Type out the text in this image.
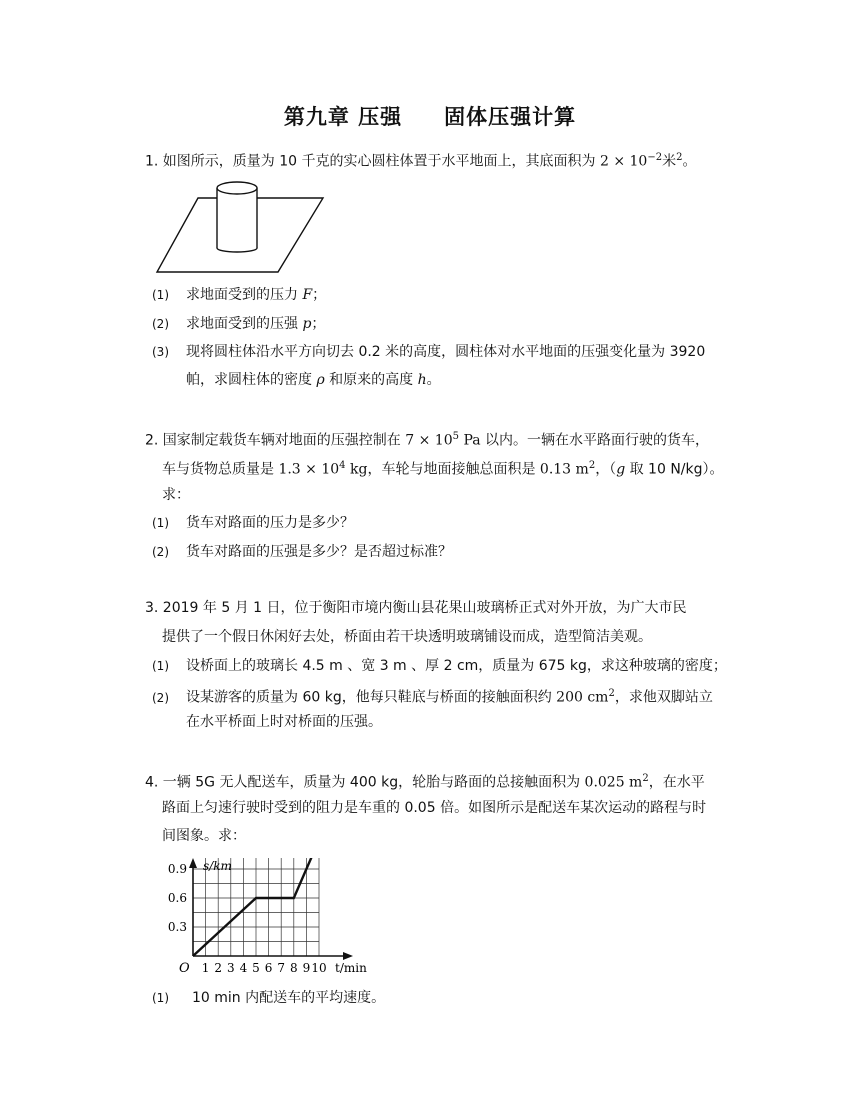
第九章 压强 固体压强计算
1. 如图所示，质量为 10 千克的实心圆柱体置于水平地面上，其底面积为 $2 \times 10^{-2}$米$^2$。
(1) 求地面受到的压力 F；
(2) 求地面受到的压强 p；
(3) 现将圆柱体沿水平方向切去 0.2 米的高度，圆柱体对水平地面的压强变化量为 3920
帕，求圆柱体的密度 ρ 和原来的高度 h。
2. 国家制定载货车辆对地面的压强控制在 $7 \times 10^5$ Pa 以内。一辆在水平路面行驶的货车，
车与货物总质量是 $1.3 \times 10^4$ kg，车轮与地面接触总面积是 0.13 $m^2$，（g 取 10 N/kg）。
求：
(1) 货车对路面的压力是多少？
(2) 货车对路面的压强是多少？是否超过标准？
3. 2019 年 5 月 1 日，位于衡阳市境内衡山县花果山玻璃桥正式对外开放，为广大市民
提供了一个假日休闲好去处，桥面由若干块透明玻璃铺设而成，造型简洁美观。
(1) 设桥面上的玻璃长 4.5 m 、宽 3 m 、厚 2 cm，质量为 675 kg，求这种玻璃的密度；
(2) 设某游客的质量为 60 kg，他每只鞋底与桥面的接触面积约 200 $cm^2$，求他双脚站立
在水平桥面上时对桥面的压强。
4. 一辆 5G 无人配送车，质量为 400 kg，轮胎与路面的总接触面积为 0.025 $m^2$，在水平
路面上匀速行驶时受到的阻力是车重的 0.05 倍。如图所示是配送车某次运动的路程与时
间图象。求：
1 2 3 4 5 6 7 8 9 10
0.3
0.6
0.9
O	t/min
s/km
(1) 10 min 内配送车的平均速度。
